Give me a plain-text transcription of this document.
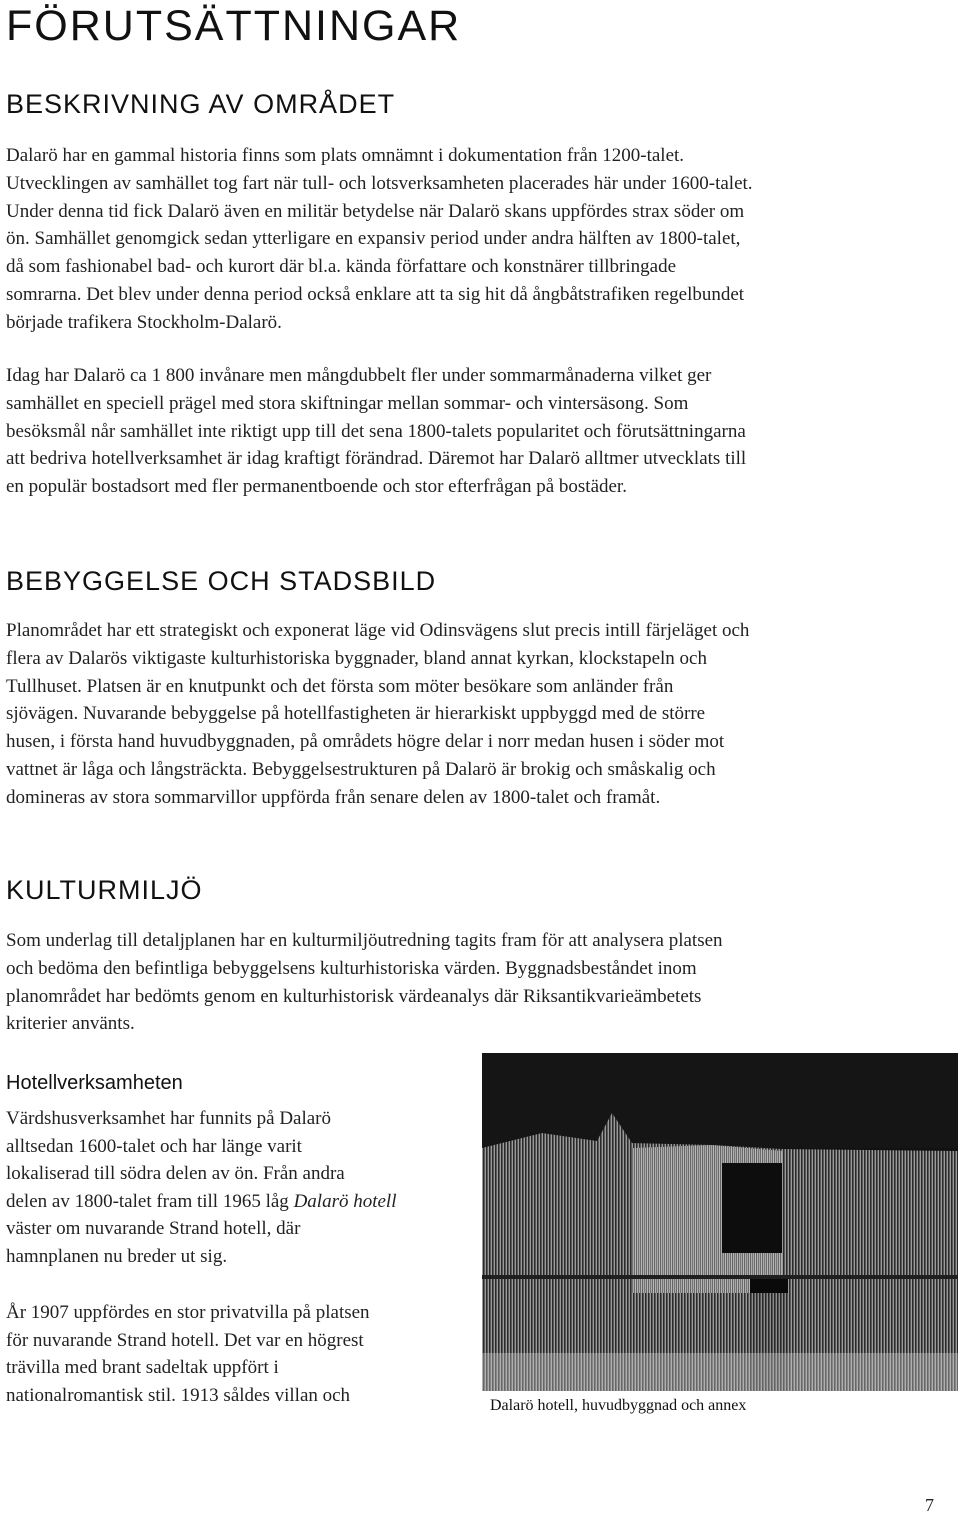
FÖRUTSÄTTNINGAR
BESKRIVNING AV OMRÅDET

Dalarö har en gammal historia finns som plats omnämnt i dokumentation från 1200-talet.
Utvecklingen av samhället tog fart när tull- och lotsverksamheten placerades här under 1600-talet.
Under denna tid fick Dalarö även en militär betydelse när Dalarö skans uppfördes strax söder om
ön. Samhället genomgick sedan ytterligare en expansiv period under andra hälften av 1800-talet,
då som fashionabel bad- och kurort där bl.a. kända författare och konstnärer tillbringade
somrarna. Det blev under denna period också enklare att ta sig hit då ångbåtstrafiken regelbundet
började trafikera Stockholm-Dalarö.

Idag har Dalarö ca 1 800 invånare men mångdubbelt fler under sommarmånaderna vilket ger
samhället en speciell prägel med stora skiftningar mellan sommar- och vintersäsong. Som
besöksmål når samhället inte riktigt upp till det sena 1800-talets popularitet och förutsättningarna
att bedriva hotellverksamhet är idag kraftigt förändrad. Däremot har Dalarö alltmer utvecklats till
en populär bostadsort med fler permanentboende och stor efterfrågan på bostäder.

BEBYGGELSE OCH STADSBILD

Planområdet har ett strategiskt och exponerat läge vid Odinsvägens slut precis intill färjeläget och
flera av Dalarös viktigaste kulturhistoriska byggnader, bland annat kyrkan, klockstapeln och
Tullhuset. Platsen är en knutpunkt och det första som möter besökare som anländer från
sjövägen. Nuvarande bebyggelse på hotellfastigheten är hierarkiskt uppbyggd med de större
husen, i första hand huvudbyggnaden, på områdets högre delar i norr medan husen i söder mot
vattnet är låga och långsträckta. Bebyggelsestrukturen på Dalarö är brokig och småskalig och
domineras av stora sommarvillor uppförda från senare delen av 1800-talet och framåt.

KULTURMILJÖ

Som underlag till detaljplanen har en kulturmiljöutredning tagits fram för att analysera platsen
och bedöma den befintliga bebyggelsens kulturhistoriska värden. Byggnadsbeståndet inom
planområdet har bedömts genom en kulturhistorisk värdeanalys där Riksantikvarieämbetets
kriterier använts.

Hotellverksamheten

Värdshusverksamhet har funnits på Dalarö
alltsedan 1600-talet och har länge varit
lokaliserad till södra delen av ön. Från andra
delen av 1800-talet fram till 1965 låg Dalarö hotell
väster om nuvarande Strand hotell, där
hamnplanen nu breder ut sig.

År 1907 uppfördes en stor privatvilla på platsen
för nuvarande Strand hotell. Det var en högrest
trävilla med brant sadeltak uppfört i
nationalromantisk stil. 1913 såldes villan och	Dalarö hotell, huvudbyggnad och annex

7
